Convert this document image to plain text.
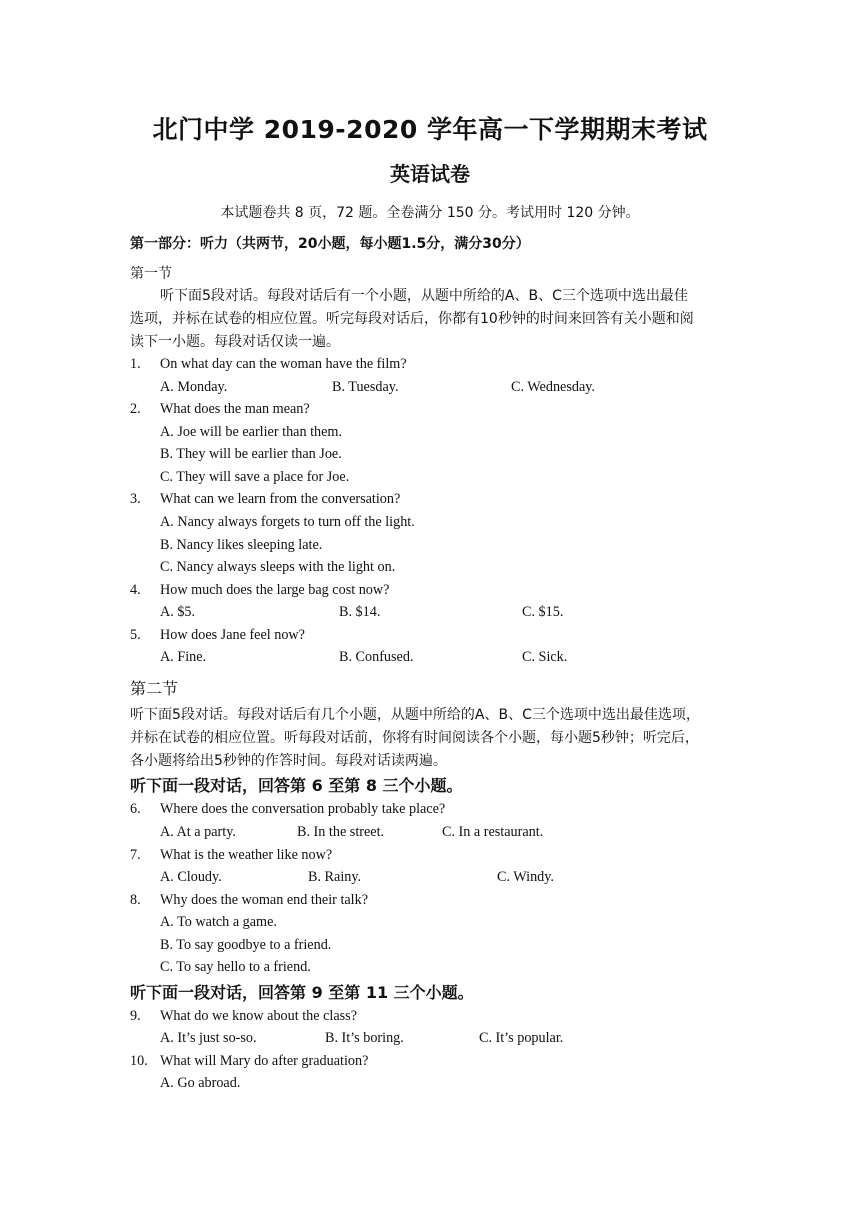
北门中学 2019-2020 学年高一下学期期末考试
英语试卷
本试题卷共 8 页，72 题。全卷满分 150 分。考试用时 120 分钟。
第一部分：听力（共两节，20小题，每小题1.5分，满分30分）
第一节
听下面5段对话。每段对话后有一个小题，从题中所给的A、B、C三个选项中选出最佳
选项，并标在试卷的相应位置。听完每段对话后，你都有10秒钟的时间来回答有关小题和阅
读下一小题。每段对话仅读一遍。
1. On what day can the woman have the film?
A. Monday.	B. Tuesday.	C. Wednesday.
2. What does the man mean?
A. Joe will be earlier than them.
B. They will be earlier than Joe.
C. They will save a place for Joe.
3. What can we learn from the conversation?
A. Nancy always forgets to turn off the light.
B. Nancy likes sleeping late.
C. Nancy always sleeps with the light on.
4. How much does the large bag cost now?
A. $5.	B. $14.	C. $15.
5. How does Jane feel now?
A. Fine.	B. Confused.	C. Sick.
第二节
听下面5段对话。每段对话后有几个小题，从题中所给的A、B、C三个选项中选出最佳选项，
并标在试卷的相应位置。听每段对话前，你将有时间阅读各个小题，每小题5秒钟；听完后，
各小题将给出5秒钟的作答时间。每段对话读两遍。
听下面一段对话，回答第 6 至第 8 三个小题。
6. Where does the conversation probably take place?
A. At a party.	B. In the street.	C. In a restaurant.
7. What is the weather like now?
A. Cloudy.	B. Rainy.	C. Windy.
8. Why does the woman end their talk?
A. To watch a game.
B. To say goodbye to a friend.
C. To say hello to a friend.
听下面一段对话，回答第 9 至第 11 三个小题。
9. What do we know about the class?
A. It’s just so-so.	B. It’s boring.	C. It’s popular.
10. What will Mary do after graduation?
A. Go abroad.
